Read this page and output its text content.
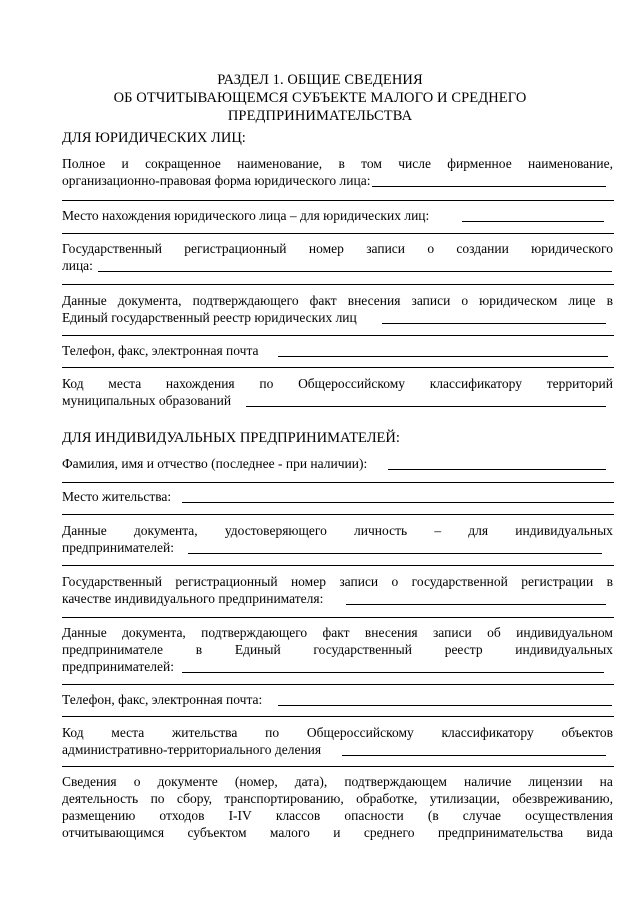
РАЗДЕЛ 1. ОБЩИЕ СВЕДЕНИЯ
ОБ ОТЧИТЫВАЮЩЕМСЯ СУБЪЕКТЕ МАЛОГО И СРЕДНЕГО
ПРЕДПРИНИМАТЕЛЬСТВА
ДЛЯ ЮРИДИЧЕСКИХ ЛИЦ:
Полное и сокращенное наименование, в том числе фирменное наименование,
организационно-правовая форма юридического лица:
Место нахождения юридического лица – для юридических лиц:
Государственный регистрационный номер записи о создании юридического
лица:
Данные документа, подтверждающего факт внесения записи о юридическом лице в
Единый государственный реестр юридических лиц
Телефон, факс, электронная почта
Код места нахождения по Общероссийскому классификатору территорий
муниципальных образований
ДЛЯ ИНДИВИДУАЛЬНЫХ ПРЕДПРИНИМАТЕЛЕЙ:
Фамилия, имя и отчество (последнее - при наличии):
Место жительства:
Данные документа, удостоверяющего личность – для индивидуальных
предпринимателей:
Государственный регистрационный номер записи о государственной регистрации в
качестве индивидуального предпринимателя:
Данные документа, подтверждающего факт внесения записи об индивидуальном
предпринимателе в Единый государственный реестр индивидуальных
предпринимателей:
Телефон, факс, электронная почта:
Код места жительства по Общероссийскому классификатору объектов
административно-территориального деления
Сведения о документе (номер, дата), подтверждающем наличие лицензии на
деятельность по сбору, транспортированию, обработке, утилизации, обезвреживанию,
размещению отходов I-IV классов опасности (в случае осуществления
отчитывающимся субъектом малого и среднего предпринимательства вида
